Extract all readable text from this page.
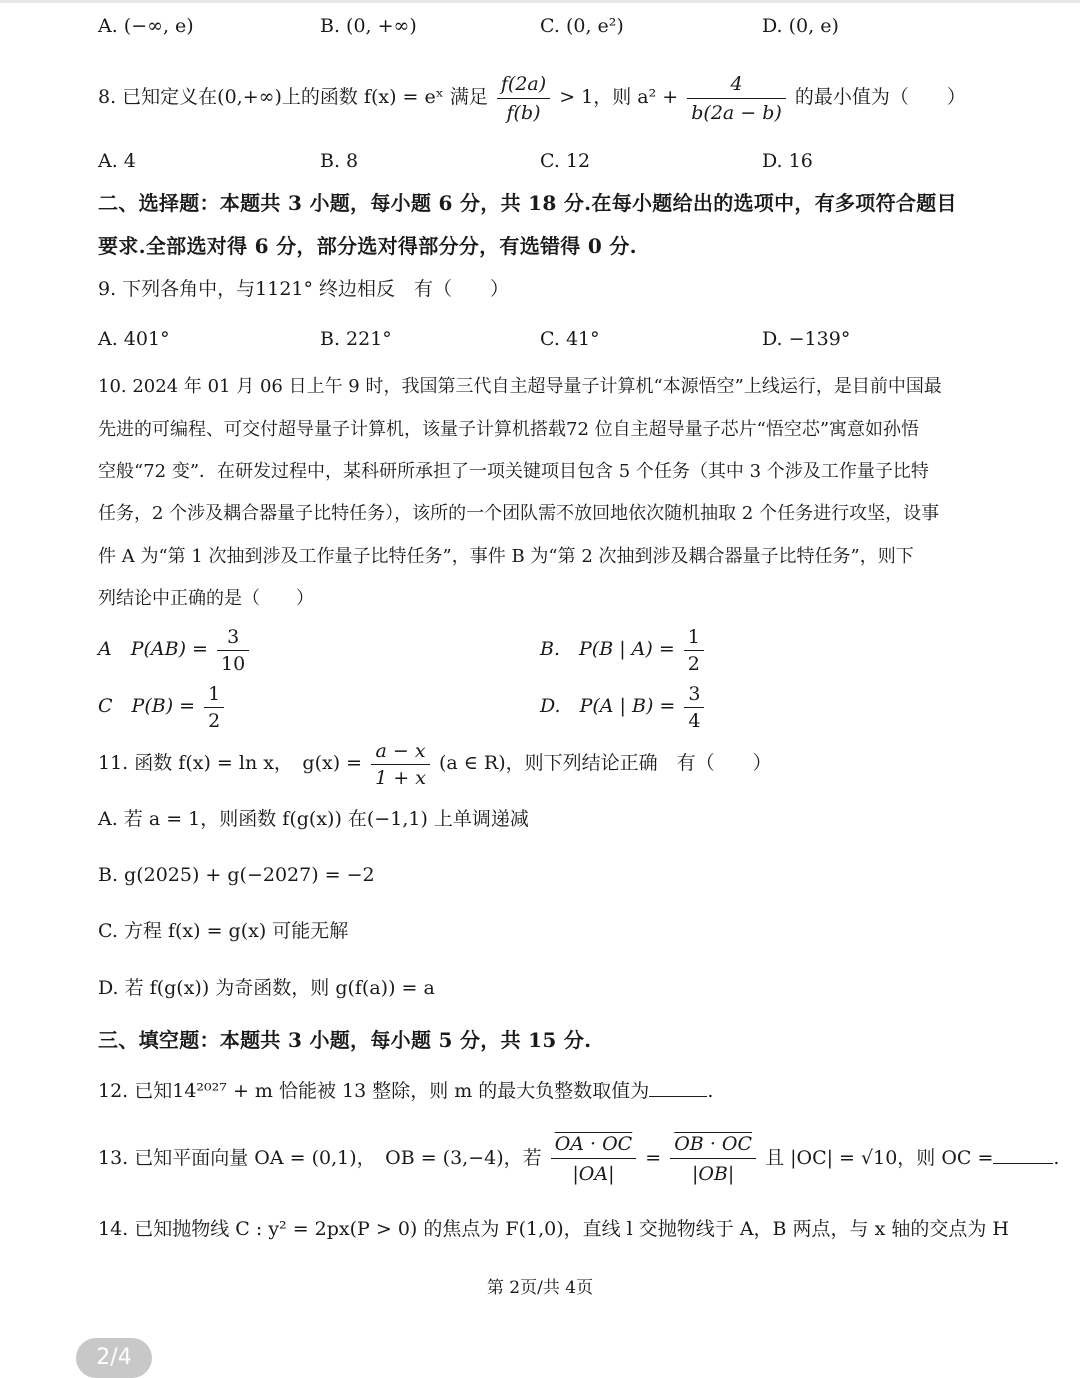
A. (−∞, e)	B. (0, +∞)	C. (0, e²)	D. (0, e)
8. 已知定义在(0,+∞)上的函数 f(x) = eˣ 满足 $\frac{f(2a)}{f(b)} > 1$，则 $a^2 + \frac{4}{b(2a - b)}$ 的最小值为（　　）
A. 4	B. 8	C. 12	D. 16
二、选择题：本题共 3 小题，每小题 6 分，共 18 分.在每小题给出的选项中，有多项符合题目
要求.全部选对得 6 分，部分选对得部分分，有选错得 0 分.
9. 下列各角中，与1121° 终边相反　有（　　）
A. 401°	B. 221°	C. 41°	D. −139°
10. 2024 年 01 月 06 日上午 9 时，我国第三代自主超导量子计算机“本源悟空”上线运行，是目前中国最
先进的可编程、可交付超导量子计算机，该量子计算机搭载72 位自主超导量子芯片“悟空芯”寓意如孙悟
空般“72 变”．在研发过程中，某科研所承担了一项关键项目包含 5 个任务（其中 3 个涉及工作量子比特
任务，2 个涉及耦合器量子比特任务），该所的一个团队需不放回地依次随机抽取 2 个任务进行攻坚，设事
件 A 为“第 1 次抽到涉及工作量子比特任务”，事件 B 为“第 2 次抽到涉及耦合器量子比特任务”，则下
列结论中正确的是（　　）
A　$P(AB) = \frac{3}{10}$	B.　P(B | $A) = \frac{1}{2}$
C　$P(B) = \frac{1}{2}$	D.　P(A | $B) = \frac{3}{4}$
11. 函数 f(x) = ln x，　$g(x) = \frac{a - x}{1 + x} (a$ ∈ R)，则下列结论正确　有（　　）
A. 若 a = 1，则函数 f(g(x)) 在(−1,1) 上单调递减
B. g(2025) + g(−2027) = −2
C. 方程 f(x) = g(x) 可能无解
D. 若 f(g(x)) 为奇函数，则 g(f(a)) = a
三、填空题：本题共 3 小题，每小题 5 分，共 15 分.
12. 已知14²⁰²⁷ + m 恰能被 13 整除，则 m 的最大负整数取值为	.
13. 已知平面向量 OA = (0,1)，　OB = (3,−4)，若 $\frac{OA \cdot OC}{|OA|} = \frac{OB \cdot OC}{|OB|}$ 且 |OC| = √10，则 OC =	.
14. 已知抛物线 C : y² = 2px(P > 0) 的焦点为 F(1,0)，直线 l 交抛物线于 A，B 两点，与 x 轴的交点为 H
第 2页/共 4页
2/4
